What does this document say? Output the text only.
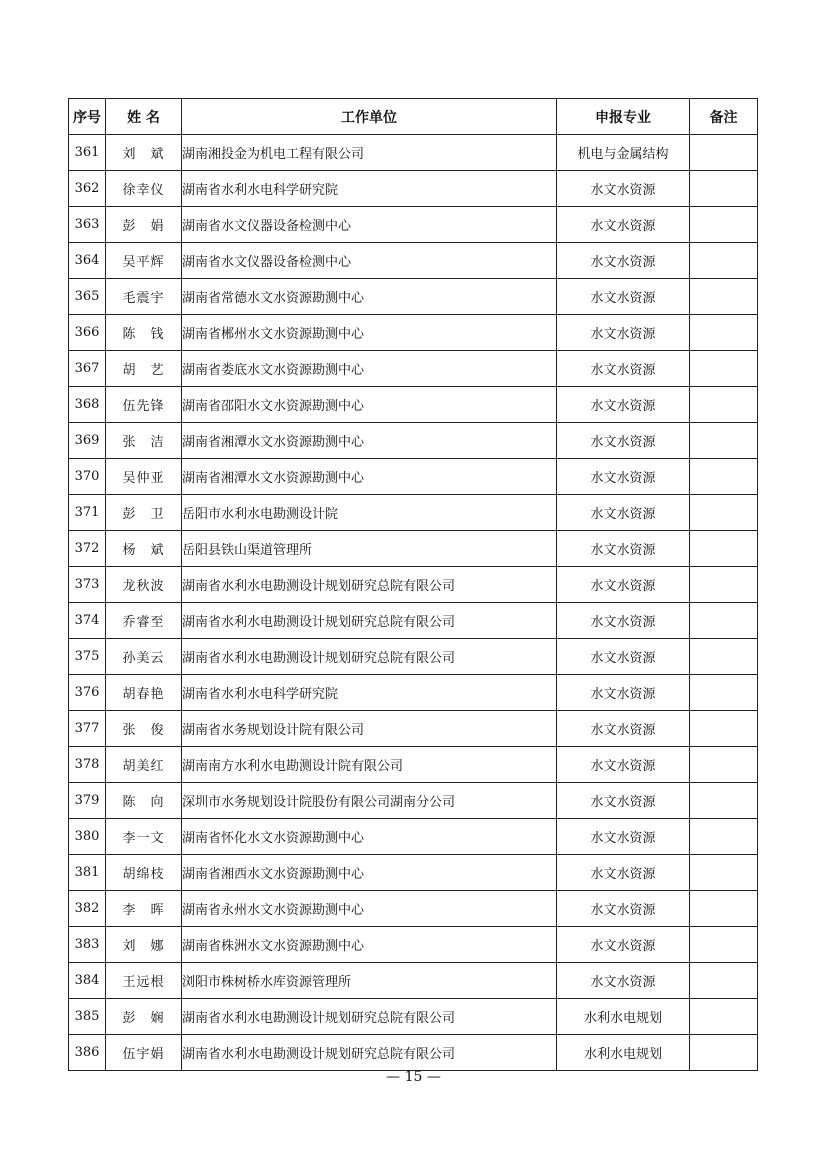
序号	姓 名	工作单位	申报专业	备注
361	刘　斌	湖南湘投金为机电工程有限公司	机电与金属结构	
362	徐幸仪	湖南省水利水电科学研究院	水文水资源	
363	彭　娟	湖南省水文仪器设备检测中心	水文水资源	
364	吴平辉	湖南省水文仪器设备检测中心	水文水资源	
365	毛震宇	湖南省常德水文水资源勘测中心	水文水资源	
366	陈　钱	湖南省郴州水文水资源勘测中心	水文水资源	
367	胡　艺	湖南省娄底水文水资源勘测中心	水文水资源	
368	伍先锋	湖南省邵阳水文水资源勘测中心	水文水资源	
369	张　洁	湖南省湘潭水文水资源勘测中心	水文水资源	
370	吴仲亚	湖南省湘潭水文水资源勘测中心	水文水资源	
371	彭　卫	岳阳市水利水电勘测设计院	水文水资源	
372	杨　斌	岳阳县铁山渠道管理所	水文水资源	
373	龙秋波	湖南省水利水电勘测设计规划研究总院有限公司	水文水资源	
374	乔睿至	湖南省水利水电勘测设计规划研究总院有限公司	水文水资源	
375	孙美云	湖南省水利水电勘测设计规划研究总院有限公司	水文水资源	
376	胡春艳	湖南省水利水电科学研究院	水文水资源	
377	张　俊	湖南省水务规划设计院有限公司	水文水资源	
378	胡美红	湖南南方水利水电勘测设计院有限公司	水文水资源	
379	陈　向	深圳市水务规划设计院股份有限公司湖南分公司	水文水资源	
380	李一文	湖南省怀化水文水资源勘测中心	水文水资源	
381	胡绵枝	湖南省湘西水文水资源勘测中心	水文水资源	
382	李　晖	湖南省永州水文水资源勘测中心	水文水资源	
383	刘　娜	湖南省株洲水文水资源勘测中心	水文水资源	
384	王远根	浏阳市株树桥水库资源管理所	水文水资源	
385	彭　娴	湖南省水利水电勘测设计规划研究总院有限公司	水利水电规划	
386	伍宇娟	湖南省水利水电勘测设计规划研究总院有限公司	水利水电规划	
— 15 —
